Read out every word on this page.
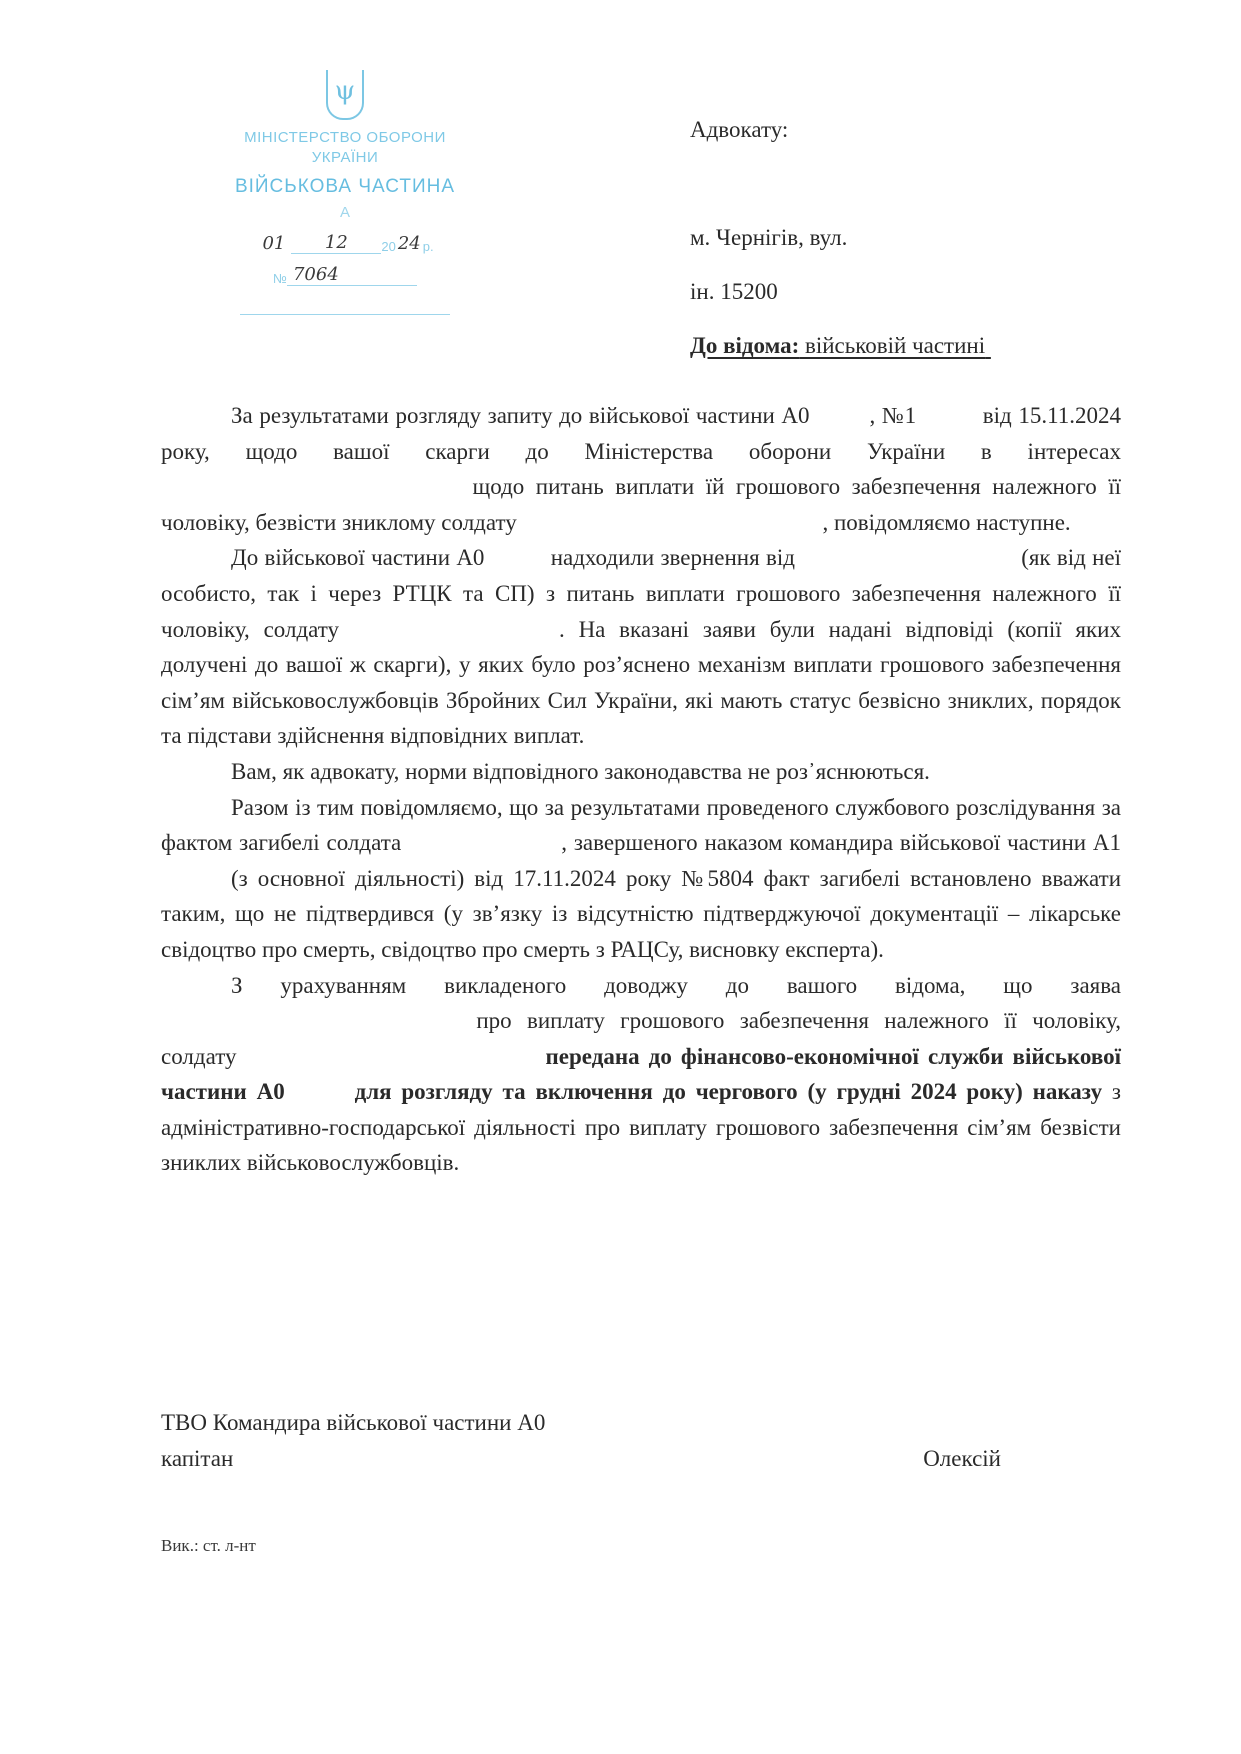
ψ
МІНІСТЕРСТВО ОБОРОНИ
УКРАЇНИ
ВІЙСЬКОВА ЧАСТИНА
А
01	12	20 24 р.
№ 7064
Адвокату:
м. Чернігів, вул.
ін. 15200
До відома: військовій частині

За результатами розгляду запиту до військової частини А0	, №1	від 15.11.2024 року, щодо вашої скарги до Міністерства оборони України в інтересах  щодо питань виплати їй грошового забезпечення належного її чоловіку, безвісти зниклому солдату	, повідомляємо наступне.

До військової частини А0	надходили звернення від	(як від неї особисто, так і через РТЦК та СП) з питань виплати грошового забезпечення належного її чоловіку, солдату	. На вказані заяви були надані відповіді (копії яких долучені до вашої ж скарги), у яких було роз’яснено механізм виплати грошового забезпечення сім’ям військовослужбовців Збройних Сил України, які мають статус безвісно зниклих, порядок та підстави здійснення відповідних виплат.

Вам, як адвокату, норми відповідного законодавства не роз᾽яснюються.

Разом із тим повідомляємо, що за результатами проведеного службового розслідування за фактом загибелі солдата	, завершеного наказом командира військової частини А1 (з основної діяльності) від 17.11.2024 року №5804 факт загибелі встановлено вважати таким, що не підтвердився (у зв’язку із відсутністю підтверджуючої документації – лікарське свідоцтво про смерть, свідоцтво про смерть з РАЦСу, висновку експерта).

З урахуванням викладеного доводжу до вашого відома, що заява  про виплату грошового забезпечення належного її чоловіку, солдату	передана до фінансово-економічної служби військової частини А0	для розгляду та включення до чергового (у грудні 2024 року) наказу з адміністративно-господарської діяльності про виплату грошового забезпечення сім’ям безвісти зниклих військовослужбовців.

ТВО Командира військової частини А0
капітан	Олексій
Вик.: ст. л-нт
